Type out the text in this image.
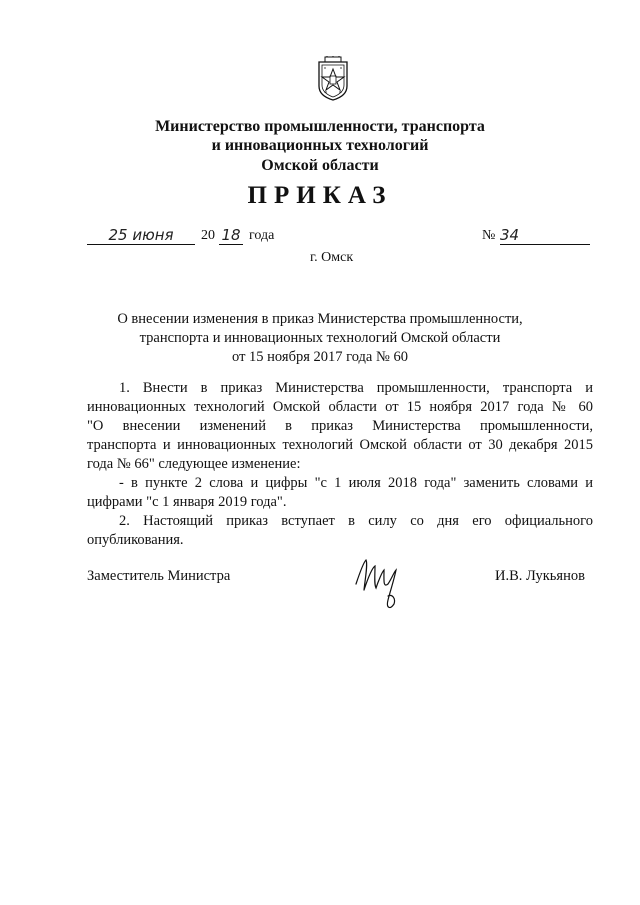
Министерство промышленности, транспорта
и инновационных технологий
Омской области
ПРИКАЗ
25 июня	20 18 года	№ 34
г. Омск
О внесении изменения в приказ Министерства промышленности,
транспорта и инновационных технологий Омской области
от 15 ноября 2017 года № 60
1. Внести в приказ Министерства промышленности, транспорта и
инновационных технологий Омской области от 15 ноября 2017 года № 60
"О внесении изменений в приказ Министерства промышленности,
транспорта и инновационных технологий Омской области от 30 декабря 2015
года № 66" следующее изменение:
- в пункте 2 слова и цифры "с 1 июля 2018 года" заменить словами и
цифрами "с 1 января 2019 года".
2. Настоящий приказ вступает в силу со дня его официального
опубликования.
Заместитель Министра	И.В. Лукьянов
